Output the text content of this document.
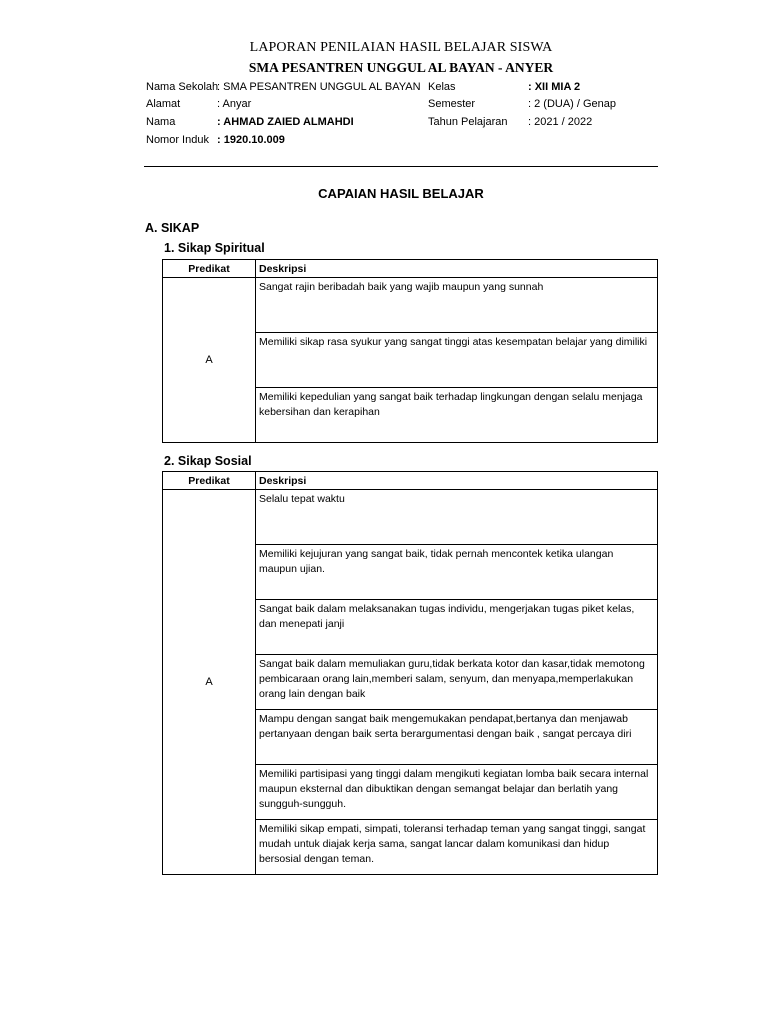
LAPORAN PENILAIAN HASIL BELAJAR SISWA
SMA PESANTREN UNGGUL AL BAYAN - ANYER
Nama Sekolah
: SMA PESANTREN UNGGUL AL BAYAN
Alamat	: Anyar
Nama	: AHMAD ZAIED ALMAHDI
Nomor Induk : 1920.10.009
Kelas	: XII MIA 2
Semester	: 2 (DUA) / Genap
Tahun Pelajaran : 2021 / 2022
CAPAIAN HASIL BELAJAR
A. SIKAP
1. Sikap Spiritual
Predikat	Deskripsi
A	Sangat rajin beribadah baik yang wajib maupun yang sunnah
	Memiliki sikap rasa syukur yang sangat tinggi atas kesempatan belajar yang dimiliki
	Memiliki kepedulian yang sangat baik terhadap lingkungan dengan selalu menjaga kebersihan dan kerapihan
2. Sikap Sosial
Predikat	Deskripsi
A	Selalu tepat waktu
	Memiliki kejujuran yang sangat baik, tidak pernah mencontek ketika ulangan maupun ujian.
	Sangat baik dalam melaksanakan tugas individu, mengerjakan tugas piket kelas, dan menepati janji
	Sangat baik dalam memuliakan guru,tidak berkata kotor dan kasar,tidak memotong pembicaraan orang lain,memberi salam, senyum, dan menyapa,memperlakukan orang lain dengan baik
	Mampu dengan sangat baik mengemukakan pendapat,bertanya dan menjawab pertanyaan dengan baik serta berargumentasi dengan baik , sangat percaya diri
	Memiliki partisipasi yang tinggi dalam mengikuti kegiatan lomba baik secara internal maupun eksternal dan dibuktikan dengan semangat belajar dan berlatih yang sungguh-sungguh.
	Memiliki sikap empati, simpati, toleransi terhadap teman yang sangat tinggi, sangat mudah untuk diajak kerja sama, sangat lancar dalam komunikasi dan hidup bersosial dengan teman.
